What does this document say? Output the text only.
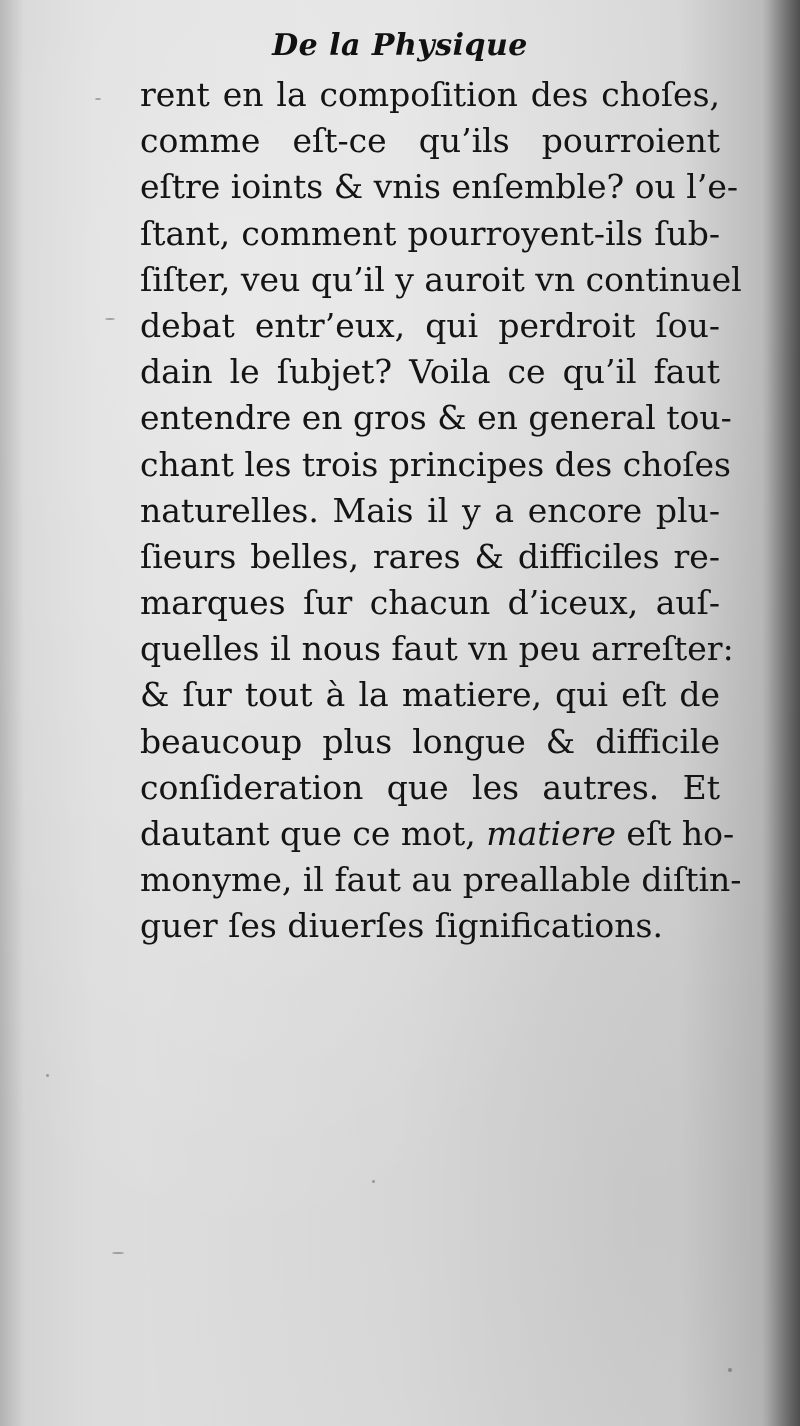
De la Physique
rent en la compoſition des choſes,
comme eſt-ce qu’ils pourroient
eſtre ioints & vnis enſemble? ou l’e-
ſtant, comment pourroyent-ils ſub-
ſiſter, veu qu’il y auroit vn continuel
debat entr’eux, qui perdroit ſou-
dain le ſubjet? Voila ce qu’il faut
entendre en gros & en general tou-
chant les trois principes des choſes
naturelles. Mais il y a encore plu-
ſieurs belles, rares & difficiles re-
marques ſur chacun d’iceux, auſ-
quelles il nous faut vn peu arreſter:
& ſur tout à la matiere, qui eſt de
beaucoup plus longue & difficile
conſideration que les autres. Et
dautant que ce mot, matiere eſt ho-
monyme, il faut au preallable diſtin-
guer ſes diuerſes ſignifications.
